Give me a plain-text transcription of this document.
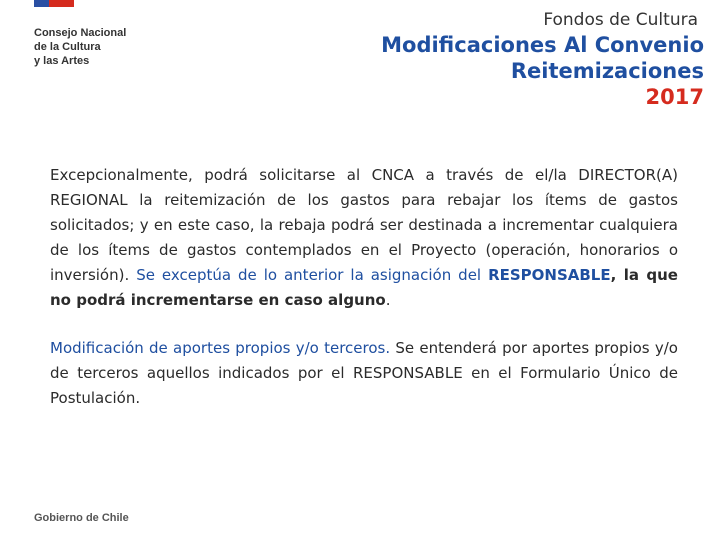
Consejo Nacional
de la Cultura
y las Artes
Fondos de Cultura
Modificaciones Al Convenio
Reitemizaciones
2017

Excepcionalmente, podrá solicitarse al CNCA a través de el/la DIRECTOR(A) REGIONAL la reitemización de los gastos para rebajar los ítems de gastos solicitados; y en este caso, la rebaja podrá ser destinada a incrementar cualquiera de los ítems de gastos contemplados en el Proyecto (operación, honorarios o inversión). Se exceptúa de lo anterior la asignación del RESPONSABLE, la que no podrá incrementarse en caso alguno.

Modificación de aportes propios y/o terceros. Se entenderá por aportes propios y/o de terceros aquellos indicados por el RESPONSABLE en el Formulario Único de Postulación.

Gobierno de Chile
